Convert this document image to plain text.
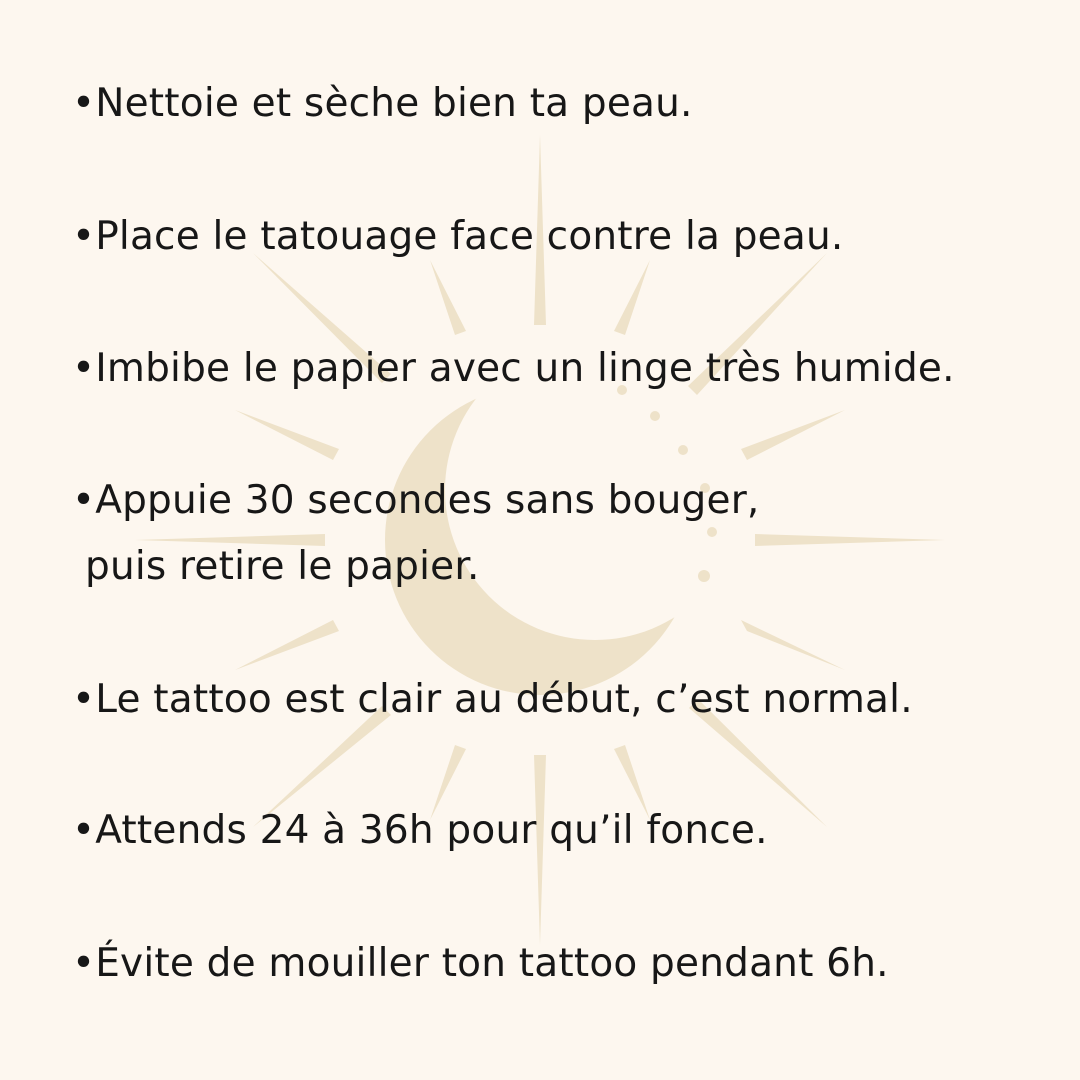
•Nettoie et sèche bien ta peau.
•Place le tatouage face contre la peau.
•Imbibe le papier avec un linge très humide.
•Appuie 30 secondes sans bouger,
puis retire le papier.
•Le tattoo est clair au début, c’est normal.
•Attends 24 à 36h pour qu’il fonce.
•Évite de mouiller ton tattoo pendant 6h.
